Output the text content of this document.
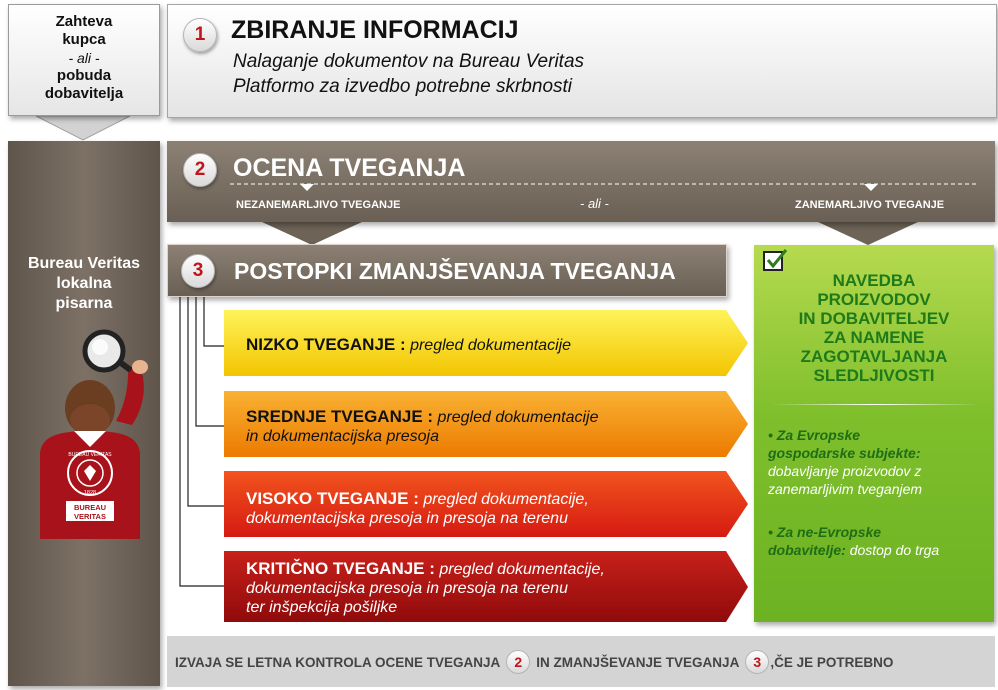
Zahteva
kupca
- ali -
pobuda
dobavitelja
Bureau Veritas
lokalna
pisarna
BUREAU VERITAS
1828
BUREAU
VERITAS
1	ZBIRANJE INFORMACIJ
Nalaganje dokumentov na Bureau Veritas
Platformo za izvedbo potrebne skrbnosti
2	OCENA TVEGANJA
NEZANEMARLJIVO TVEGANJE	- ali -	ZANEMARLJIVO TVEGANJE
3	POSTOPKI ZMANJŠEVANJA TVEGANJA
NIZKO TVEGANJE : pregled dokumentacije
SREDNJE TVEGANJE : pregled dokumentacije
in dokumentacijska presoja
VISOKO TVEGANJE : pregled dokumentacije,
dokumentacijska presoja in presoja na terenu
KRITIČNO TVEGANJE : pregled dokumentacije,
dokumentacijska presoja in presoja na terenu
ter inšpekcija pošiljke
NAVEDBA
PROIZVODOV
IN DOBAVITELJEV
ZA NAMENE
ZAGOTAVLJANJA
SLEDLJIVOSTI
• Za Evropske
gospodarske subjekte:
dobavljanje proizvodov z
zanemarljivim tveganjem
• Za ne-Evropske
dobavitelje: dostop do trga
IZVAJA SE LETNA KONTROLA OCENE TVEGANJA	2	IN ZMANJŠEVANJE TVEGANJA	3 ,ČE JE POTREBNO
